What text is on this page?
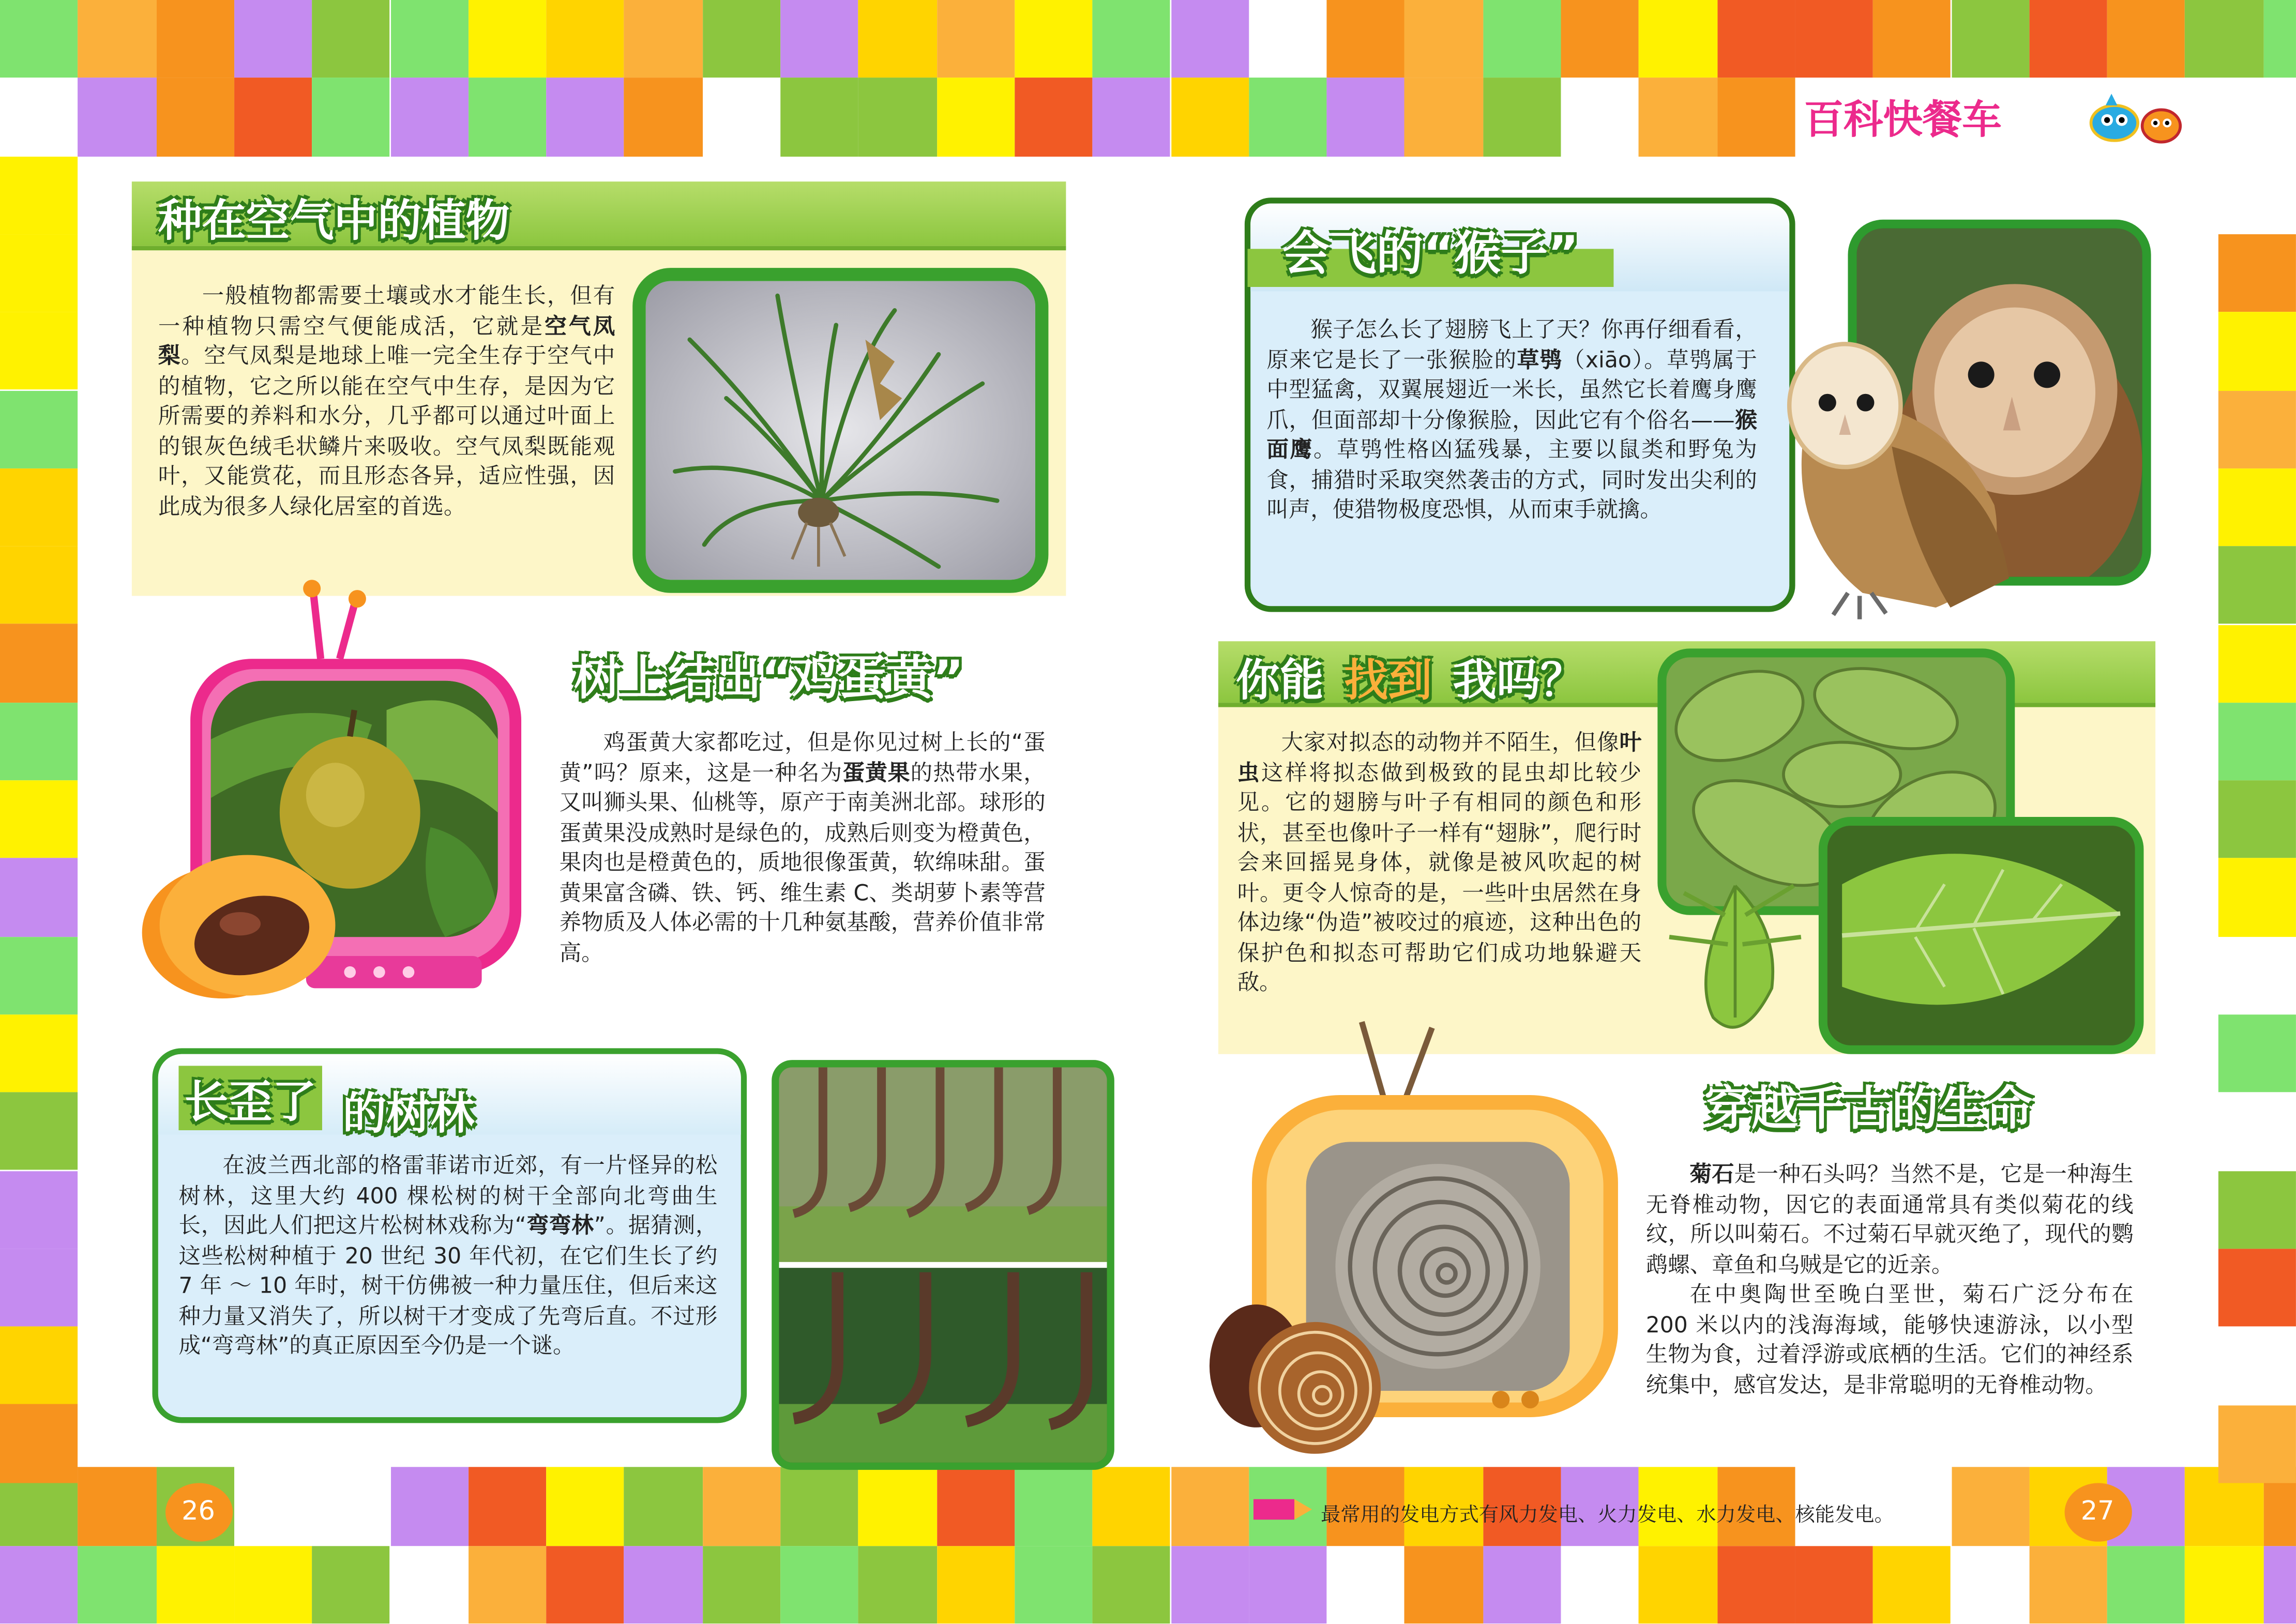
百科快餐车
种在空气中的植物

一般植物都需要土壤或水才能生长，但有一种植物只需空气便能成活，它就是空气凤梨。空气凤梨是地球上唯一完全生存于空气中的植物，它之所以能在空气中生存，是因为它所需要的养料和水分，几乎都可以通过叶面上的银灰色绒毛状鳞片来吸收。空气凤梨既能观叶，又能赏花，而且形态各异，适应性强，因此成为很多人绿化居室的首选。

树上结出“鸡蛋黄”

鸡蛋黄大家都吃过，但是你见过树上长的“蛋黄”吗？原来，这是一种名为蛋黄果的热带水果，又叫狮头果、仙桃等，原产于南美洲北部。球形的蛋黄果没成熟时是绿色的，成熟后则变为橙黄色，果肉也是橙黄色的，质地很像蛋黄，软绵味甜。蛋黄果富含磷、铁、钙、维生素 C、类胡萝卜素等营养物质及人体必需的十几种氨基酸，营养价值非常高。

长歪了	的树林

在波兰西北部的格雷菲诺市近郊，有一片怪异的松树林，这里大约 400 棵松树的树干全部向北弯曲生长，因此人们把这片松树林戏称为“弯弯林”。据猜测，这些松树种植于 20 世纪 30 年代初，在它们生长了约 7 年 ～ 10 年时，树干仿佛被一种力量压住，但后来这种力量又消失了，所以树干才变成了先弯后直。不过形成“弯弯林”的真正原因至今仍是一个谜。

26
会飞的“猴子”

猴子怎么长了翅膀飞上了天？你再仔细看看，原来它是长了一张猴脸的草鸮（xiāo）。草鸮属于中型猛禽，双翼展翅近一米长，虽然它长着鹰身鹰爪，但面部却十分像猴脸，因此它有个俗名——猴面鹰。草鸮性格凶猛残暴，主要以鼠类和野兔为食，捕猎时采取突然袭击的方式，同时发出尖利的叫声，使猎物极度恐惧，从而束手就擒。

你能 找到 我吗？

大家对拟态的动物并不陌生，但像叶虫这样将拟态做到极致的昆虫却比较少见。它的翅膀与叶子有相同的颜色和形状，甚至也像叶子一样有“翅脉”，爬行时会来回摇晃身体，就像是被风吹起的树叶。更令人惊奇的是，一些叶虫居然在身体边缘“伪造”被咬过的痕迹，这种出色的保护色和拟态可帮助它们成功地躲避天敌。

穿越千古的生命

菊石是一种石头吗？当然不是，它是一种海生无脊椎动物，因它的表面通常具有类似菊花的线纹，所以叫菊石。不过菊石早就灭绝了，现代的鹦鹉螺、章鱼和乌贼是它的近亲。

在中奥陶世至晚白垩世，菊石广泛分布在 200 米以内的浅海海域，能够快速游泳，以小型生物为食，过着浮游或底栖的生活。它们的神经系统集中，感官发达，是非常聪明的无脊椎动物。

最常用的发电方式有风力发电、火力发电、水力发电、核能发电。	27
